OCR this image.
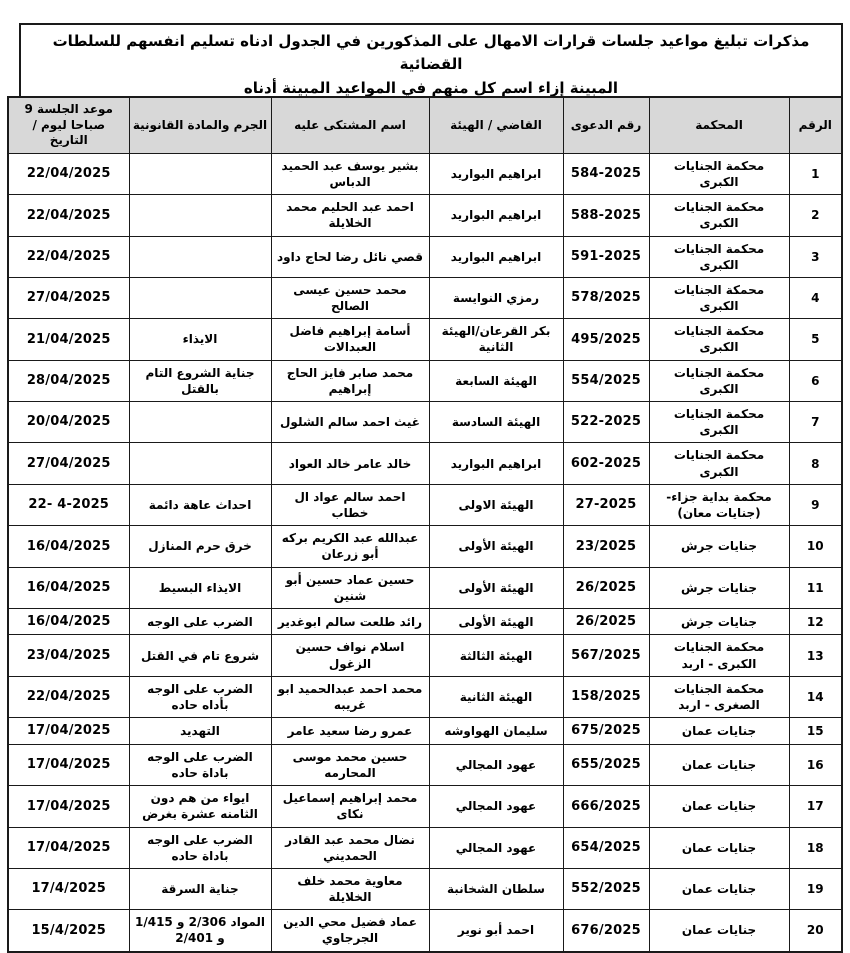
مذكرات تبليغ مواعيد جلسات قرارات الامهال على المذكورين في الجدول ادناه تسليم انفسهم للسلطات القضائية
المبينة إزاء اسم كل منهم في المواعيد المبينة أدناه
الرقم	المحكمة	رقم الدعوى	القاضي / الهيئة	اسم المشتكى عليه	الجرم والمادة القانونية	موعد الجلسة 9 صباحا ليوم / التاريخ
1	محكمة الجنايات الكبرى	584-2025	ابراهيم البواريد	بشير يوسف عبد الحميد الدباس		22/04/2025
2	محكمة الجنايات الكبرى	588-2025	ابراهيم البواريد	احمد عبد الحليم محمد الخلايلة		22/04/2025
3	محكمة الجنايات الكبرى	591-2025	ابراهيم البواريد	قصي نائل رضا لحاج داود		22/04/2025
4	محمكة الجنايات الكبرى	578/2025	رمزي النوايسة	محمد حسين عيسى الصالح		27/04/2025
5	محكمة الجنايات الكبرى	495/2025	بكر القرعان/الهيئة الثانية	أسامة إبراهيم فاضل العبدالات	الايذاء	21/04/2025
6	محكمة الجنايات الكبرى	554/2025	الهيئة السابعة	محمد صابر فايز الحاج إبراهيم	جناية الشروع التام بالقتل	28/04/2025
7	محكمة الجنايات الكبرى	522-2025	الهيئة السادسة	غيث احمد سالم الشلول		20/04/2025
8	محكمة الجنايات الكبرى	602-2025	ابراهيم البواريد	خالد عامر خالد العواد		27/04/2025
9	محكمة بداية جزاء- (جنايات معان)	27-2025	الهيئة الاولى	احمد سالم عواد ال خطاب	احداث عاهة دائمة	22- 4-2025
10	جنايات جرش	23/2025	الهيئة الأولى	عبدالله عبد الكريم بركه أبو زرعان	خرق حرم المنازل	16/04/2025
11	جنايات جرش	26/2025	الهيئة الأولى	حسين عماد حسين أبو شنين	الايذاء البسيط	16/04/2025
12	جنايات جرش	26/2025	الهيئة الأولى	رائد طلعت سالم ابوغدير	الضرب على الوجه	16/04/2025
13	محكمة الجنايات الكبرى - اربد	567/2025	الهيئة الثالثة	اسلام نواف حسين الزغول	شروع تام في القتل	23/04/2025
14	محكمة الجنايات الصغرى - اربد	158/2025	الهيئة الثانية	محمد احمد عبدالحميد ابو غريبه	الضرب على الوجه بأداه حاده	22/04/2025
15	جنايات عمان	675/2025	سليمان الهواوشه	عمرو رضا سعيد عامر	التهديد	17/04/2025
16	جنايات عمان	655/2025	عهود المجالي	حسين محمد موسى المحارمه	الضرب على الوجه باداة حاده	17/04/2025
17	جنايات عمان	666/2025	عهود المجالي	محمد إبراهيم إسماعيل نكاى	ايواء من هم دون الثامنه عشرة بغرض	17/04/2025
18	جنايات عمان	654/2025	عهود المجالي	نضال محمد عبد القادر الحمديني	الضرب على الوجه باداة حاده	17/04/2025
19	جنايات عمان	552/2025	سلطان الشخانبة	معاوية محمد خلف الخلايلة	جناية السرقة	17/4/2025
20	جنايات عمان	676/2025	احمد أبو نوير	عماد فضيل محي الدين الجرجاوي	المواد 2/306 و 1/415 و 2/401	15/4/2025
